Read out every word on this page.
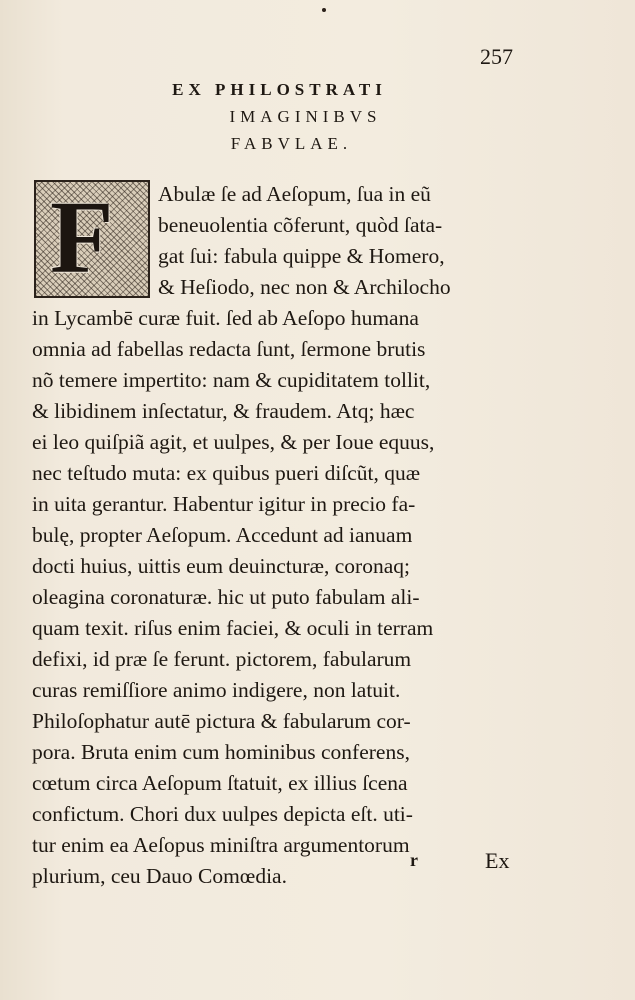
257
EX PHILOSTRATI
IMAGINIBVS
FABVLAE.
F Abulæ ſe ad Aeſopum, ſua in eũ
beneuolentia cõferunt, quòd ſata-
gat ſui: fabula quippe & Homero,
& Heſiodo, nec non & Archilocho
in Lycambē curæ fuit. ſed ab Aeſopo humana
omnia ad fabellas redacta ſunt, ſermone brutis
nõ temere impertito: nam & cupiditatem tollit,
& libidinem inſectatur, & fraudem. Atq; hæc
ei leo quiſpiã agit, et uulpes, & per Ioue equus,
nec teſtudo muta: ex quibus pueri diſcũt, quæ
in uita gerantur. Habentur igitur in precio fa-
bulę, propter Aeſopum. Accedunt ad ianuam
docti huius, uittis eum deuincturæ, coronaq;
oleagina coronaturæ. hic ut puto fabulam ali-
quam texit. riſus enim faciei, & oculi in terram
defixi, id præ ſe ferunt. pictorem, fabularum
curas remiſſiore animo indigere, non latuit.
Philoſophatur autē pictura & fabularum cor-
pora. Bruta enim cum hominibus conferens,
cœtum circa Aeſopum ſtatuit, ex illius ſcena
confictum. Chori dux uulpes depicta eſt. uti-
tur enim ea Aeſopus miniſtra argumentorum
plurium, ceu Dauo Comœdia.
r	Ex
